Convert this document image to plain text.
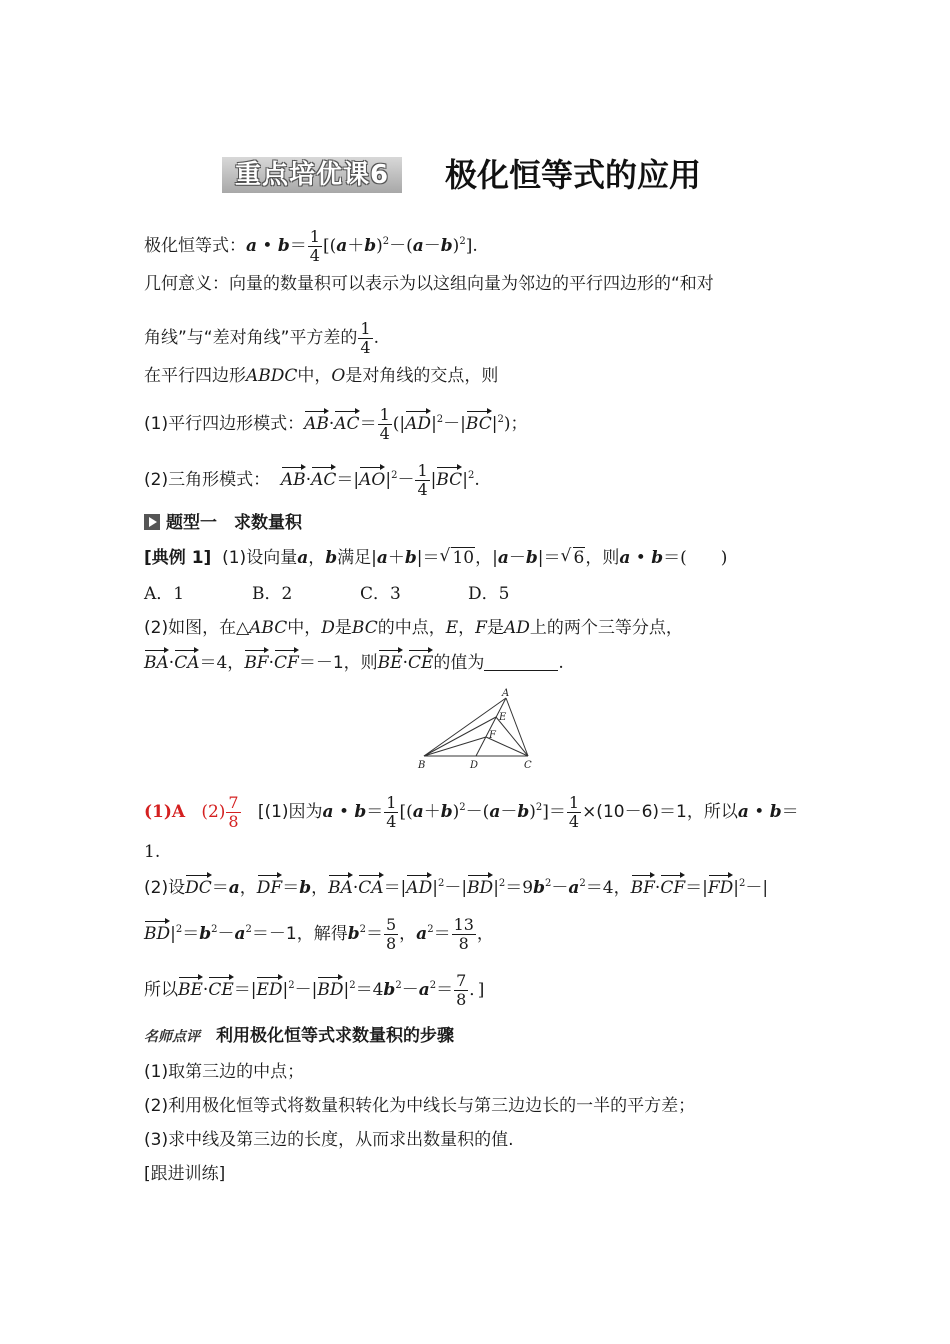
重点培优课6	极化恒等式的应用
极化恒等式：a • $b= \frac{1}{4} [(a+b)^2-(a-b)^2]$.
几何意义：向量的数量积可以表示为以这组向量为邻边的平行四边形的“和对
角线”与“差对角线”平方差的 $\frac{1}{4}$ .
在平行四边形ABDC中，O是对角线的交点，则
(1)平行四边形模式：$AB\cdot AC= \frac{1}{4} (|AD|^2-|BC|^2)$；
(2)三角形模式： $AB\cdot AC=|AO|^2- \frac{1}{4} |BC|^2$.
题型一　求数量积
[典例 1] (1)设向量a，b满足|a＋b|＝ √ 10，|a－b|＝ √ 6，则a • b＝(　　)
A．1	B．2	C．3	D．5
(2)如图，在△ABC中，D是BC的中点，E，F是AD上的两个三等分点，
BA·CA＝4，BF·CF＝－1，则BE·CE的值为	.
A
E
F
B	D	C
(1)A $(2) \frac{7}{8} [(1)$因为a • $b= \frac{1}{4} [(a+b)^2-(a-b)^2]= \frac{1}{4} \times(10-6)=1$，所以a • b＝
1.
(2)设DC＝a，DF＝b，$BA\cdot CA=|AD|^2-|BD|^2=9b^2-a^2=4$，$BF\cdot CF=|FD|^2-|$
$BD|^2=b^2-a^2=-1$，解得$b^2= \frac{5}{8}$ ，$a^2= \frac{13}{8}$ ，
所以$BE\cdot CE=|ED|^2-|BD|^2=4b^2-a^2= \frac{7}{8}$ ．]
名师点评 利用极化恒等式求数量积的步骤
(1)取第三边的中点；
(2)利用极化恒等式将数量积转化为中线长与第三边边长的一半的平方差；
(3)求中线及第三边的长度，从而求出数量积的值.
[跟进训练]
